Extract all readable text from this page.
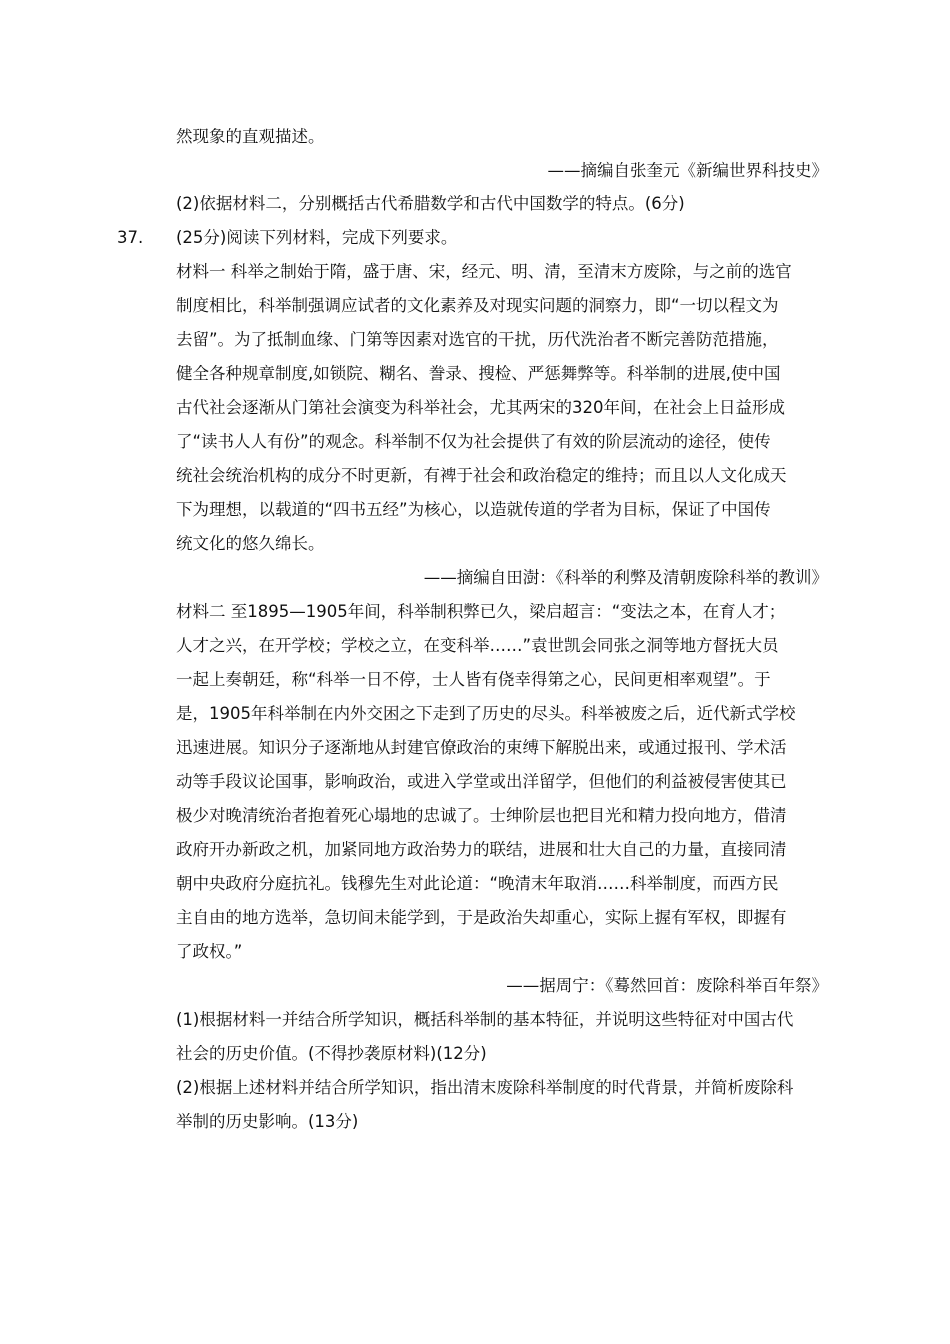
然现象的直观描述。
——摘编自张奎元《新编世界科技史》
(2)依据材料二，分别概括古代希腊数学和古代中国数学的特点。(6分)
37. (25分)阅读下列材料，完成下列要求。
材料一 科举之制始于隋，盛于唐、宋，经元、明、清，至清末方废除，与之前的选官
制度相比，科举制强调应试者的文化素养及对现实问题的洞察力，即“一切以程文为
去留”。为了抵制血缘、门第等因素对选官的干扰，历代洗治者不断完善防范措施，
健全各种规章制度,如锁院、糊名、誊录、搜检、严惩舞弊等。科举制的进展,使中国
古代社会逐渐从门第社会演变为科举社会，尤其两宋的320年间，在社会上日益形成
了“读书人人有份”的观念。科举制不仅为社会提供了有效的阶层流动的途径，使传
统社会统治机构的成分不时更新，有裨于社会和政治稳定的维持；而且以人文化成天
下为理想，以载道的“四书五经”为核心，以造就传道的学者为目标，保证了中国传
统文化的悠久绵长。
——摘编自田澍：《科举的利弊及清朝废除科举的教训》
材料二 至1895—1905年间，科举制积弊已久，梁启超言：“变法之本，在育人才；
人才之兴，在开学校；学校之立，在变科举……”袁世凯会同张之洞等地方督抚大员
一起上奏朝廷，称“科举一日不停，士人皆有侥幸得第之心，民间更相率观望”。于
是，1905年科举制在内外交困之下走到了历史的尽头。科举被废之后，近代新式学校
迅速进展。知识分子逐渐地从封建官僚政治的束缚下解脱出来，或通过报刊、学术活
动等手段议论国事，影响政治，或进入学堂或出洋留学，但他们的利益被侵害使其已
极少对晚清统治者抱着死心塌地的忠诚了。士绅阶层也把目光和精力投向地方，借清
政府开办新政之机，加紧同地方政治势力的联结，进展和壮大自己的力量，直接同清
朝中央政府分庭抗礼。钱穆先生对此论道：“晚清末年取消……科举制度，而西方民
主自由的地方选举，急切间未能学到，于是政治失却重心，实际上握有军权，即握有
了政权。”
——据周宁：《蓦然回首：废除科举百年祭》
(1)根据材料一并结合所学知识，概括科举制的基本特征，并说明这些特征对中国古代
社会的历史价值。(不得抄袭原材料)(12分)
(2)根据上述材料并结合所学知识，指出清末废除科举制度的时代背景，并简析废除科
举制的历史影响。(13分)
